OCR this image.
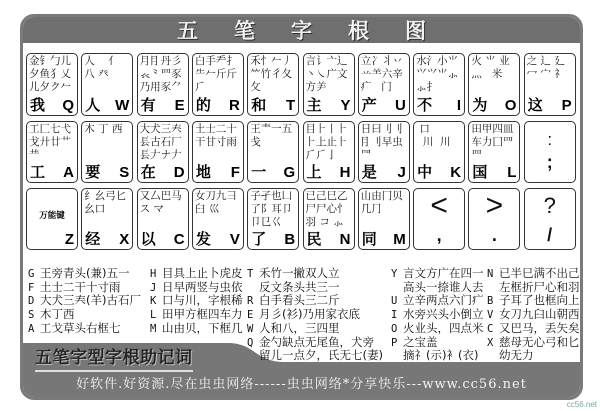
五笔字根图
金钅勹儿
夕鱼犭乂
儿夕ク𠂉
我 Q
人    亻
八 癶
人 W
月⺝丹彡
𧘇⺀罒豕
乃用豕⺈
有 E
白手龵扌
⺧𠂉斤斤
⺁
的 R
禾⺖𠂉丿
⺮竹彳夂
攵
和 T
言讠亠⻌
丶㇏广文
方⺶
主 Y
立冫丬丷
䒑⺷六辛
疒   门
产 U
水氵小⺌
⺍⺍⺌⺗
⺗⺘
不 I
火 ⺌ 业
灬   米
为 O
之 辶 廴
冖 宀 礻
这 P
工匚七弋
戈廾廿艹
龷
工 A
木 丁 西
要 S
大犬三𡗗
镸古石厂
镸𠂇ナ𠂇
在 D
土士二十
干甘寸雨
地 F
王龶一五
戋
一 G
目⺊丨⺊
⺊上止⺊
⺁⺁亅
上 H
日曰刂刂
⺝刂早虫
⺜
是 J
口
川  川
中 K
田甲四皿
车力囗罒
罒
国 L
:
;
万能键
Z
纟幺弓匕
幺口
经 X
又厶巴马
ス マ
以 C
女刀九彐
臼 巛
发 V
子孑也凵
了阝耳卩
卩㔾巜
了 B
已己巳乙
尸尸心忄
羽 コ ⺗
民 N
山由冂贝
几⺆
同 M
<
,
>
.
?
/
G 王旁青头(兼)五一
F 土士二干十寸雨
D 大犬三𡗗(羊)古石厂
S 木丁西
A 工戈草头右框七
H 目具上止卜虎皮
J 日早两竖与虫依
K 口与川，字根稀
L 田甲方框四车力
M 山由贝，下框几
T 禾竹一撇双人立
反文条头共三一
R 白手看头三二斤
E 月彡(衫)乃用家衣底
W 人和八，三四里
Q 金勺缺点无尾鱼，犬旁
留儿一点夕，氏无七(妻)
Y 言文方广在四一
高头一捺谁人去
U 立辛两点六门疒
I 水旁兴头小倒立
O 火业头，四点米
P 之宝盖
摘礻(示)衤(衣)
N 已半巳满不出己
左框折尸心和羽
B 子耳了也框向上
V 女刀九臼山朝西
C 又巴马，丢矢矣
X 慈母无心弓和匕
幼无力
五笔字型字根助记词
好软件.好资源.尽在虫虫网络------虫虫网络*分享快乐---www.cc56.net
cc56.net
